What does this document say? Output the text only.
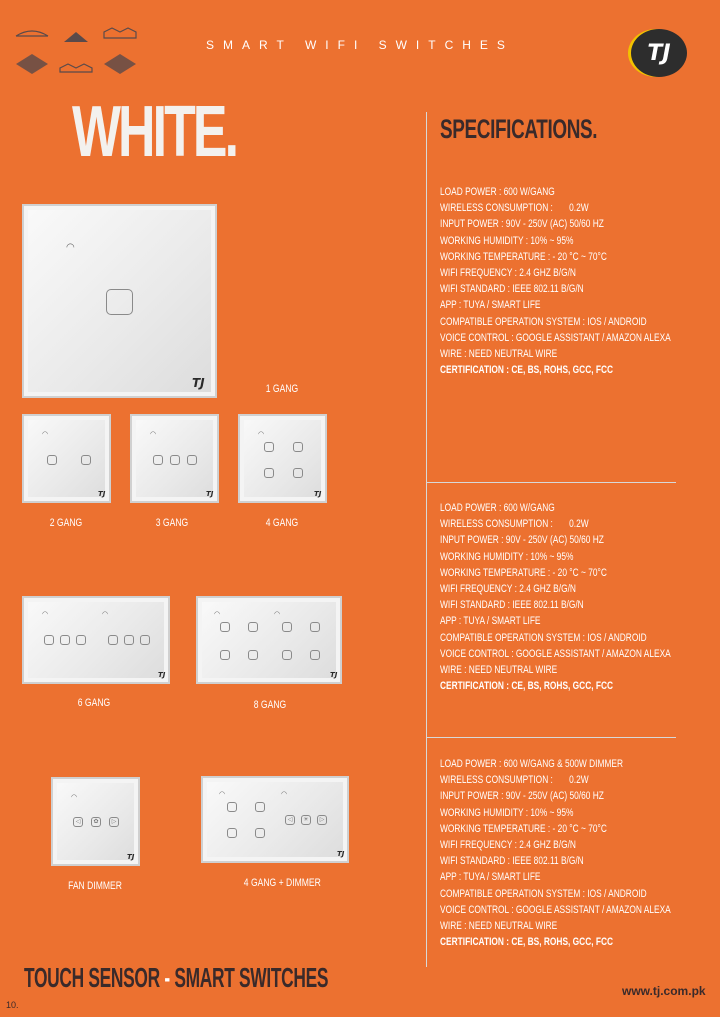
SMART WIFI SWITCHES	TJ
WHITE.	SPECIFICATIONS.
LOAD POWER : 600 W/GANG
WIRELESS CONSUMPTION :       0.2W
INPUT POWER : 90V - 250V (AC) 50/60 HZ
WORKING HUMIDITY : 10% ~ 95%
WORKING TEMPERATURE : - 20 °C ~ 70°C
WIFI FREQUENCY : 2.4 GHZ B/G/N
WIFI STANDARD : IEEE 802.11 B/G/N
APP : TUYA / SMART LIFE
COMPATIBLE OPERATION SYSTEM : IOS / ANDROID
VOICE CONTROL : GOOGLE ASSISTANT / AMAZON ALEXA
WIRE : NEED NEUTRAL WIRE
CERTIFICATION : CE, BS, ROHS, GCC, FCC
LOAD POWER : 600 W/GANG
WIRELESS CONSUMPTION :       0.2W
INPUT POWER : 90V - 250V (AC) 50/60 HZ
WORKING HUMIDITY : 10% ~ 95%
WORKING TEMPERATURE : - 20 °C ~ 70°C
WIFI FREQUENCY : 2.4 GHZ B/G/N
WIFI STANDARD : IEEE 802.11 B/G/N
APP : TUYA / SMART LIFE
COMPATIBLE OPERATION SYSTEM : IOS / ANDROID
VOICE CONTROL : GOOGLE ASSISTANT / AMAZON ALEXA
WIRE : NEED NEUTRAL WIRE
CERTIFICATION : CE, BS, ROHS, GCC, FCC
LOAD POWER : 600 W/GANG & 500W DIMMER
WIRELESS CONSUMPTION :       0.2W
INPUT POWER : 90V - 250V (AC) 50/60 HZ
WORKING HUMIDITY : 10% ~ 95%
WORKING TEMPERATURE : - 20 °C ~ 70°C
WIFI FREQUENCY : 2.4 GHZ B/G/N
WIFI STANDARD : IEEE 802.11 B/G/N
APP : TUYA / SMART LIFE
COMPATIBLE OPERATION SYSTEM : IOS / ANDROID
VOICE CONTROL : GOOGLE ASSISTANT / AMAZON ALEXA
WIRE : NEED NEUTRAL WIRE
CERTIFICATION : CE, BS, ROHS, GCC, FCC
◠
TJ	1 GANG
◠
TJ
2 GANG
◠
TJ
3 GANG
◠
TJ
4 GANG
◠	◠
TJ
6 GANG
◠	◠
TJ
8 GANG
◠
◁	✿	▷
TJ
FAN DIMMER
◠	◠
◁	☀	▷
TJ
4 GANG + DIMMER
TOUCH SENSOR - SMART SWITCHES
10.
www.tj.com.pk
